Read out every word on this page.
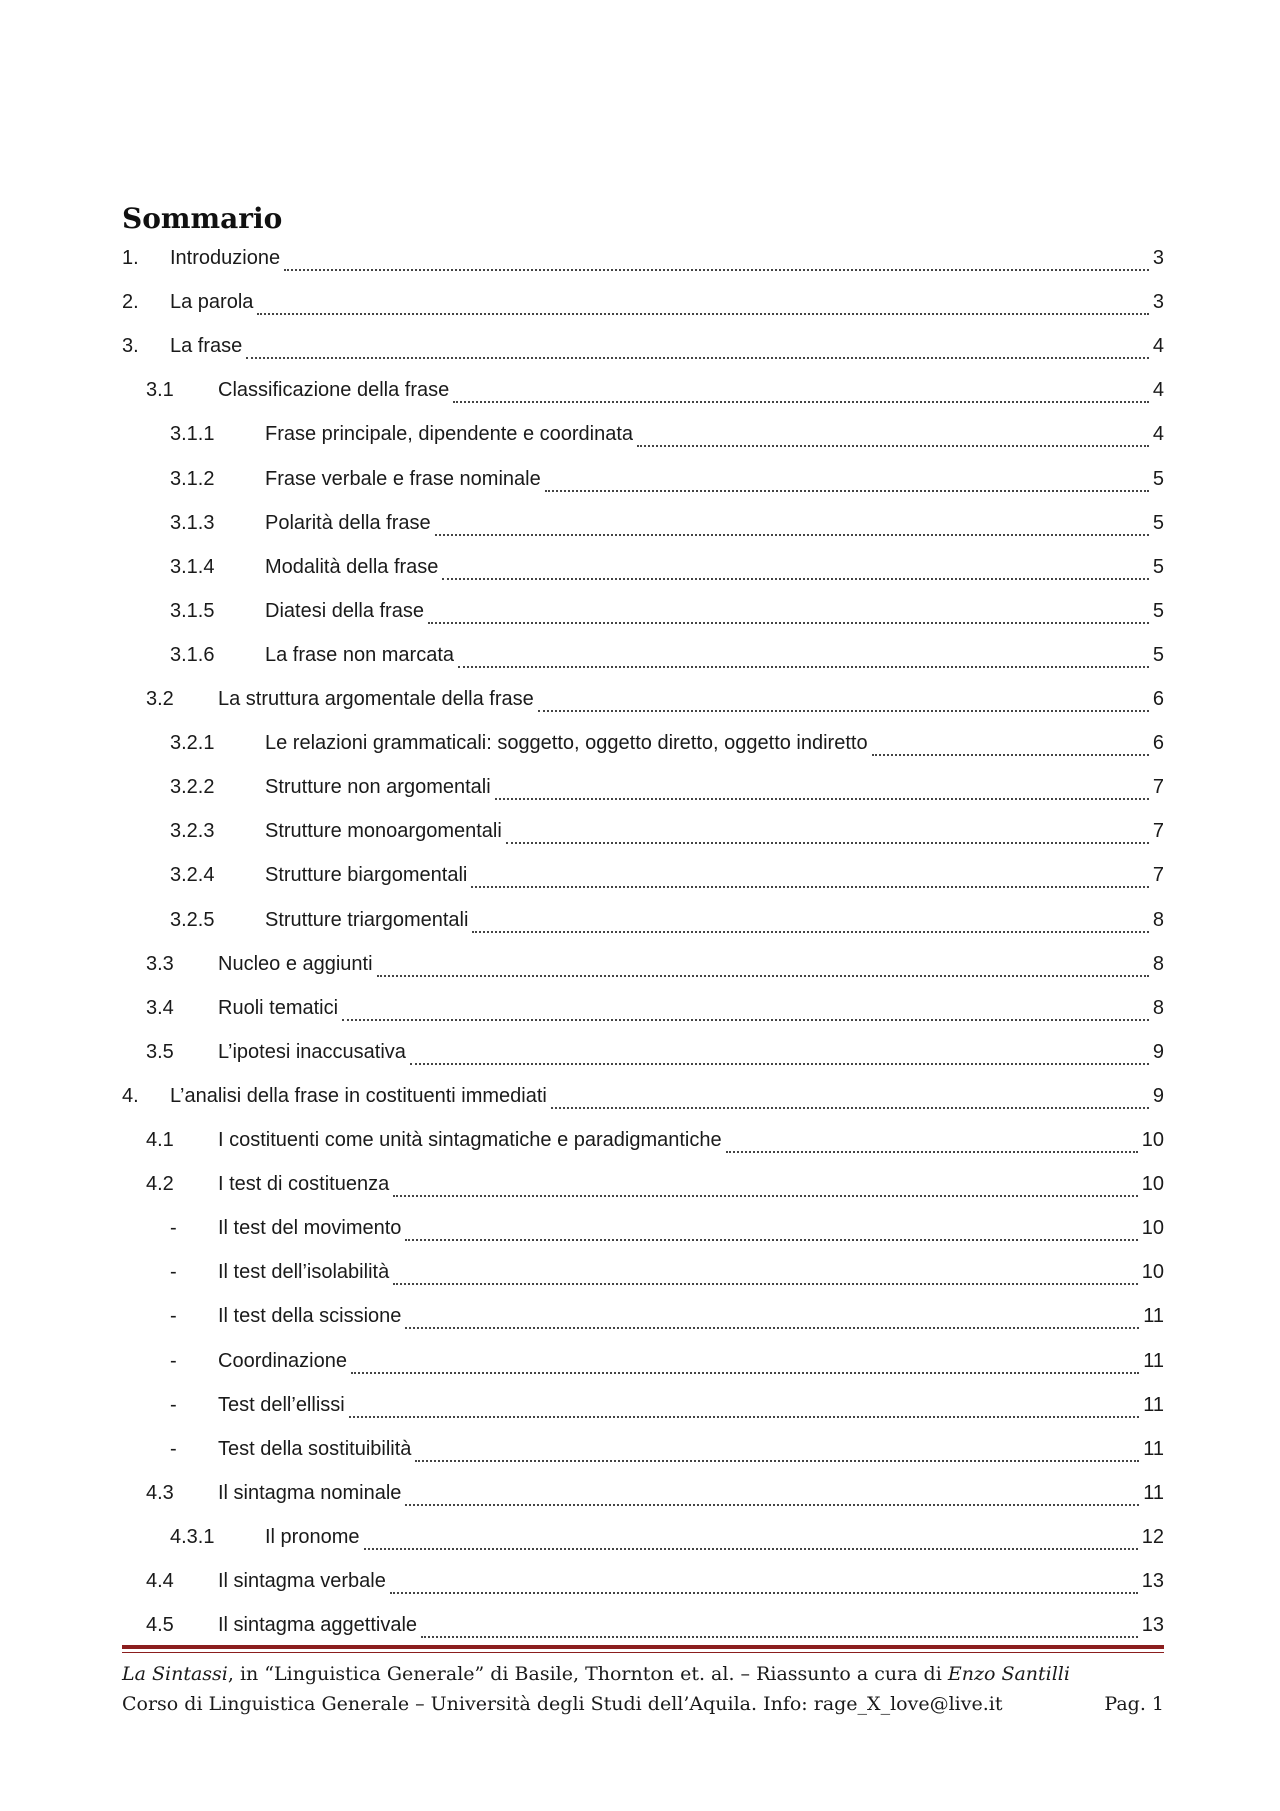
Sommario
1.	Introduzione	3
2.	La parola	3
3.	La frase	4
3.1	Classificazione della frase	4
3.1.1	Frase principale, dipendente e coordinata	4
3.1.2	Frase verbale e frase nominale	5
3.1.3	Polarità della frase	5
3.1.4	Modalità della frase	5
3.1.5	Diatesi della frase	5
3.1.6	La frase non marcata	5
3.2	La struttura argomentale della frase	6
3.2.1	Le relazioni grammaticali: soggetto, oggetto diretto, oggetto indiretto	6
3.2.2	Strutture non argomentali	7
3.2.3	Strutture monoargomentali	7
3.2.4	Strutture biargomentali	7
3.2.5	Strutture triargomentali	8
3.3	Nucleo e aggiunti	8
3.4	Ruoli tematici	8
3.5	L’ipotesi inaccusativa	9
4.	L’analisi della frase in costituenti immediati	9
4.1	I costituenti come unità sintagmatiche e paradigmantiche	10
4.2	I test di costituenza	10
-	Il test del movimento	10
-	Il test dell’isolabilità	10
-	Il test della scissione	11
-	Coordinazione	11
-	Test dell’ellissi	11
-	Test della sostituibilità	11
4.3	Il sintagma nominale	11
4.3.1	Il pronome	12
4.4	Il sintagma verbale	13
4.5	Il sintagma aggettivale	13
La Sintassi, in “Linguistica Generale” di Basile, Thornton et. al. – Riassunto a cura di Enzo Santilli
Corso di Linguistica Generale – Università degli Studi dell’Aquila. Info: rage_X_love@live.it	Pag. 1
